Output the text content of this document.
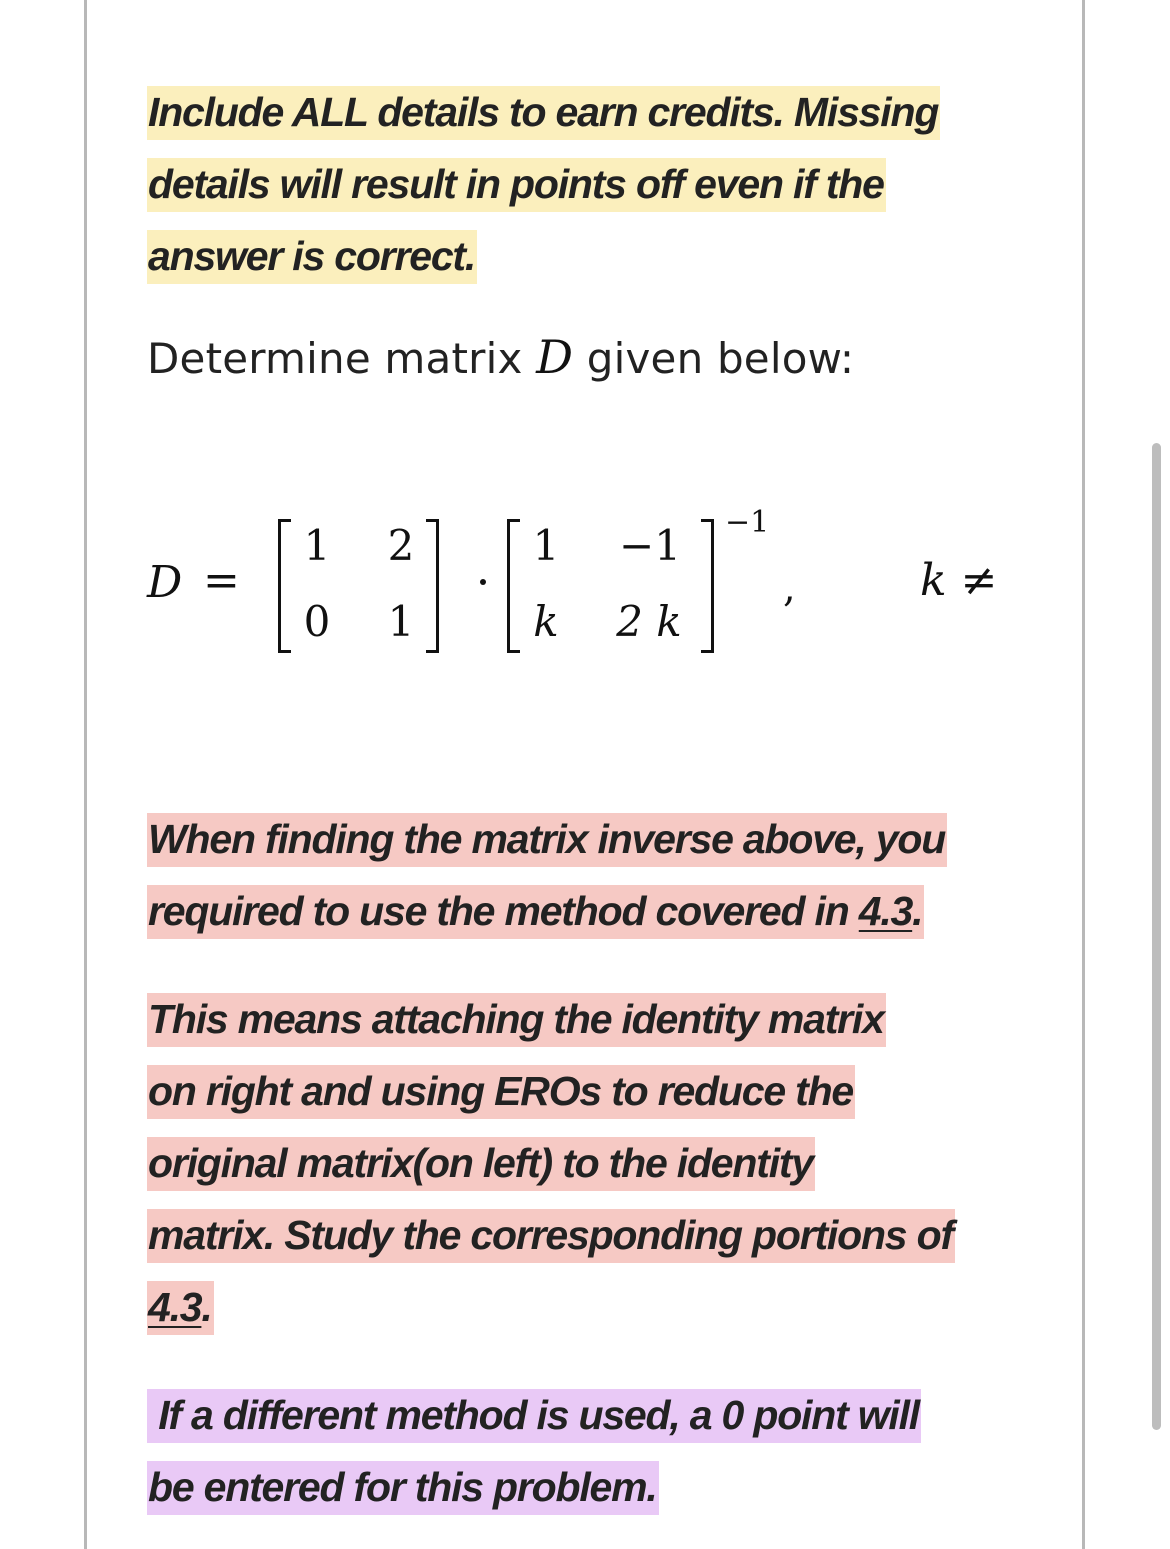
Include ALL details to earn credits. Missing
details will result in points off even if the
answer is correct.

Determine matrix D given below:
D =
1	2
0	1
1	−1
k	2 k
−1
,	k ≠

When finding the matrix inverse above, you
required to use the method covered in 4.3.

This means attaching the identity matrix
on right and using EROs to reduce the
original matrix(on left) to the identity
matrix. Study the corresponding portions of
4.3.

If a different method is used, a 0 point will
be entered for this problem.
